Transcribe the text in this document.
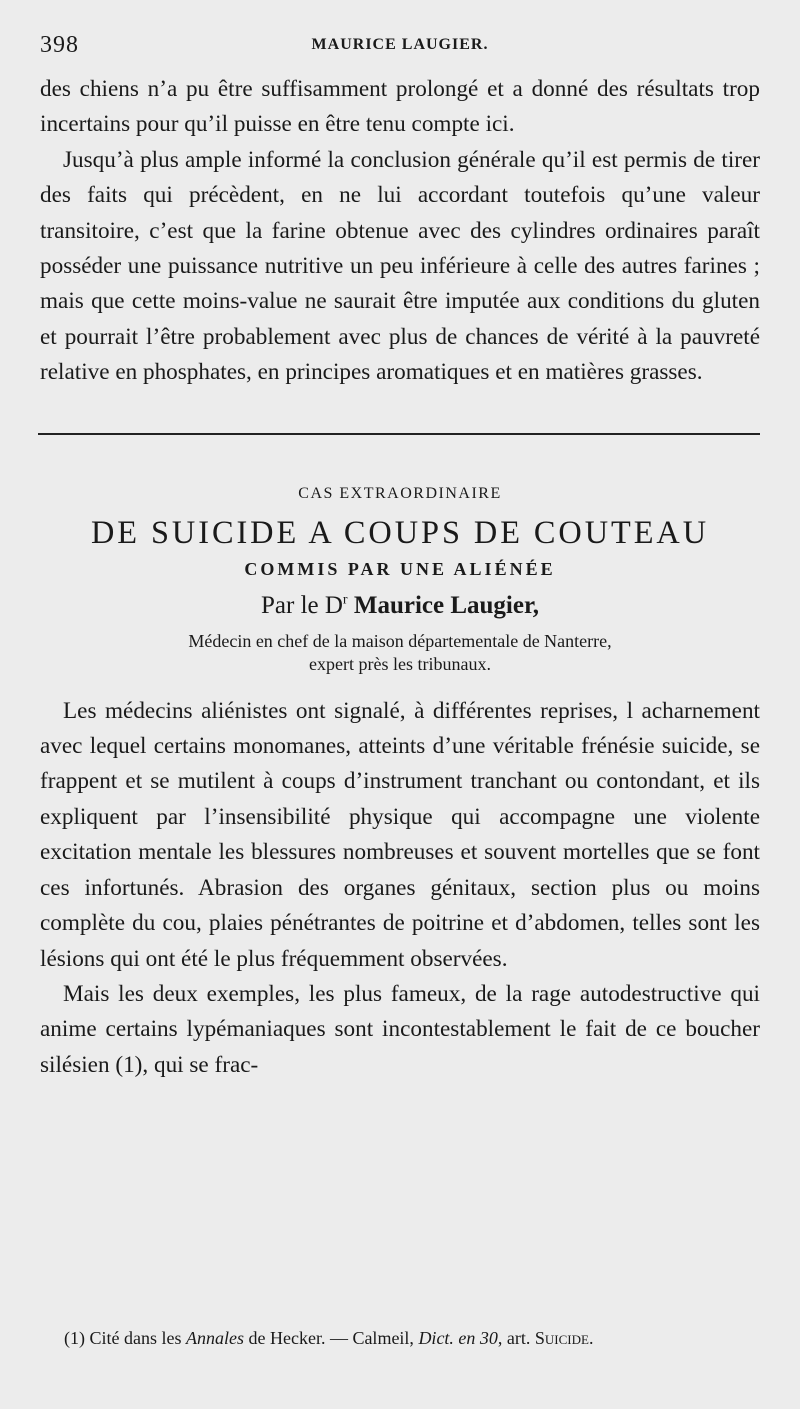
398	MAURICE LAUGIER.

des chiens n’a pu être suffisamment prolongé et a donné des résultats trop incertains pour qu’il puisse en être tenu compte ici.

Jusqu’à plus ample informé la conclusion générale qu’il est permis de tirer des faits qui précèdent, en ne lui accordant toutefois qu’une valeur transitoire, c’est que la farine obtenue avec des cylindres ordinaires paraît posséder une puissance nutritive un peu inférieure à celle des autres farines ; mais que cette moins-value ne saurait être imputée aux conditions du gluten et pourrait l’être probablement avec plus de chances de vérité à la pauvreté relative en phosphates, en principes aromatiques et en matières grasses.

CAS EXTRAORDINAIRE
DE SUICIDE A COUPS DE COUTEAU
COMMIS PAR UNE ALIÉNÉE
Par le $D^r$ Maurice Laugier,
Médecin en chef de la maison départementale de Nanterre,
expert près les tribunaux.

Les médecins aliénistes ont signalé, à différentes reprises, l acharnement avec lequel certains monomanes, atteints d’une véritable frénésie suicide, se frappent et se mutilent à coups d’instrument tranchant ou contondant, et ils expliquent par l’insensibilité physique qui accompagne une violente excitation mentale les blessures nombreuses et souvent mortelles que se font ces infortunés. Abrasion des organes génitaux, section plus ou moins complète du cou, plaies pénétrantes de poitrine et d’abdomen, telles sont les lésions qui ont été le plus fréquemment observées.

Mais les deux exemples, les plus fameux, de la rage autodestructive qui anime certains lypémaniaques sont incontestablement le fait de ce boucher silésien (1), qui se frac-

(1) Cité dans les Annales de Hecker. — Calmeil, Dict. en 30, art. Suicide.
